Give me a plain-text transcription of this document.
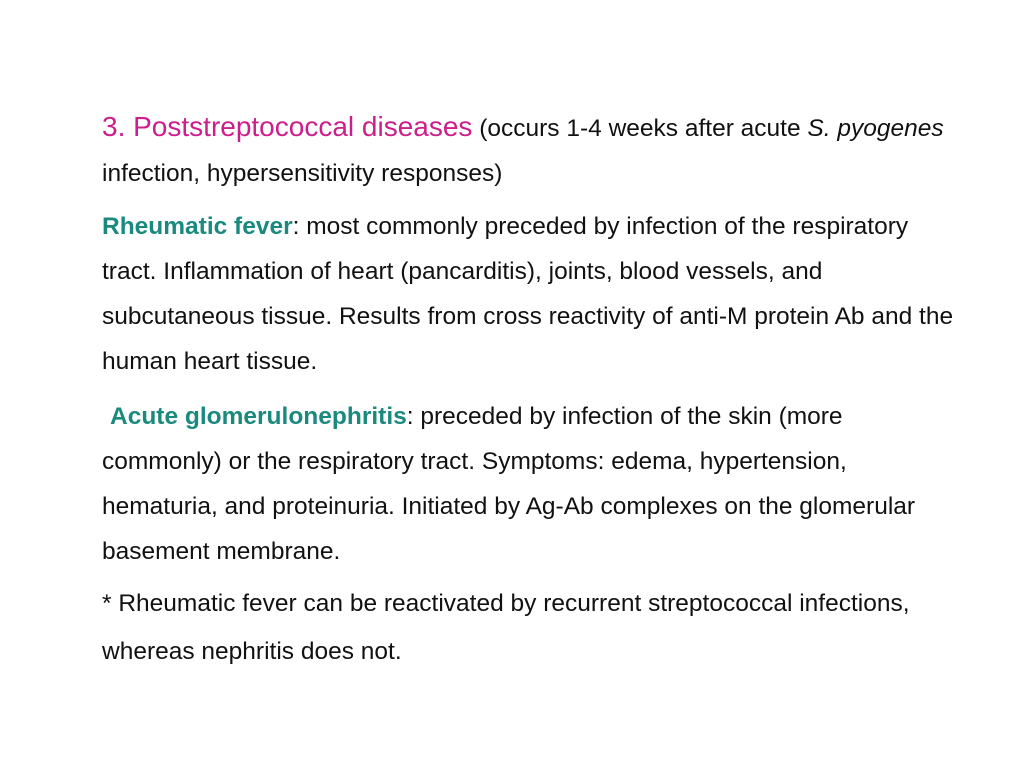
3. Poststreptococcal diseases (occurs 1-4 weeks after acute S. pyogenes infection, hypersensitivity responses)

Rheumatic fever: most commonly preceded by infection of the respiratory tract. Inflammation of heart (pancarditis), joints, blood vessels, and subcutaneous tissue. Results from cross reactivity of anti-M protein Ab and the human heart tissue.

Acute glomerulonephritis: preceded by infection of the skin (more commonly) or the respiratory tract. Symptoms: edema, hypertension, hematuria, and proteinuria. Initiated by Ag-Ab complexes on the glomerular basement membrane.

* Rheumatic fever can be reactivated by recurrent streptococcal infections, whereas nephritis does not.
